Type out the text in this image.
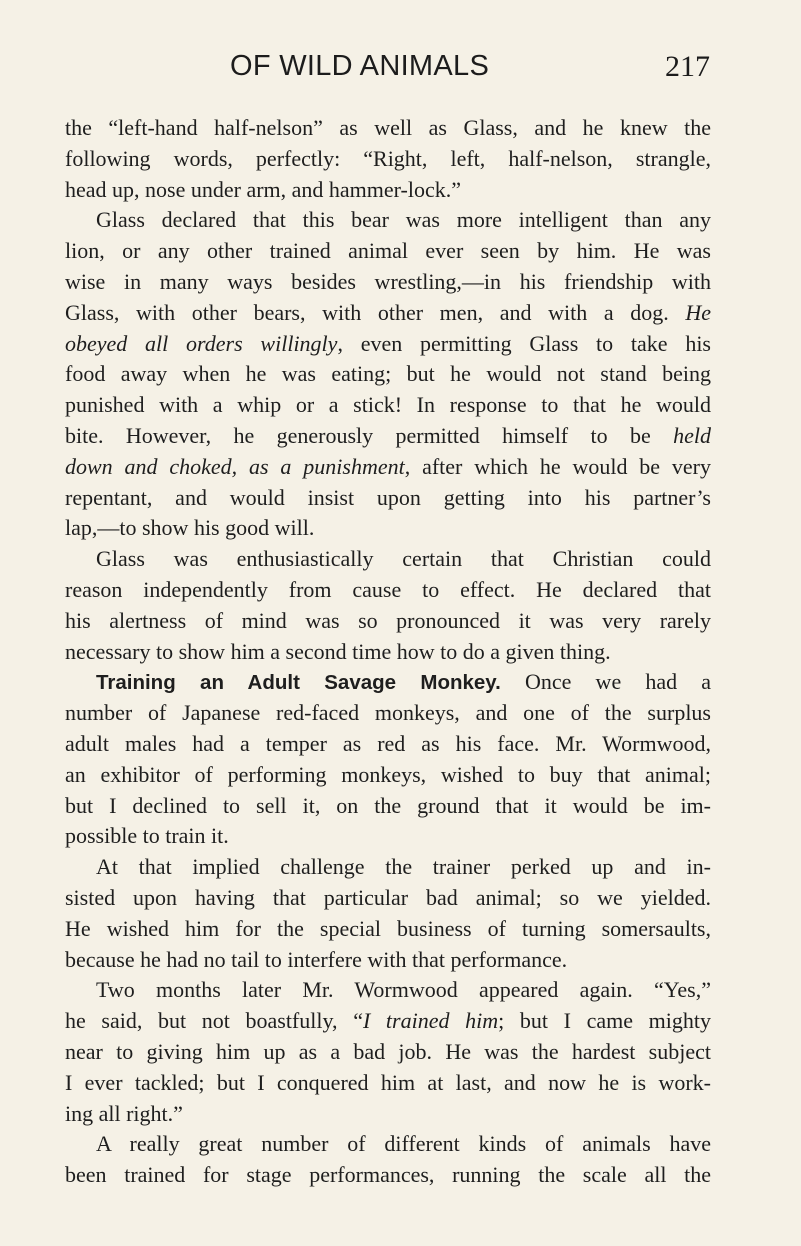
OF WILD ANIMALS	217
the “left-hand half-nelson” as well as Glass, and he knew the
following words, perfectly: “Right, left, half-nelson, strangle,
head up, nose under arm, and hammer-lock.”
Glass declared that this bear was more intelligent than any
lion, or any other trained animal ever seen by him. He was
wise in many ways besides wrestling,—in his friendship with
Glass, with other bears, with other men, and with a dog. He
obeyed all orders willingly, even permitting Glass to take his
food away when he was eating; but he would not stand being
punished with a whip or a stick! In response to that he would
bite. However, he generously permitted himself to be held
down and choked, as a punishment, after which he would be very
repentant, and would insist upon getting into his partner’s
lap,—to show his good will.
Glass was enthusiastically certain that Christian could
reason independently from cause to effect. He declared that
his alertness of mind was so pronounced it was very rarely
necessary to show him a second time how to do a given thing.
Training an Adult Savage Monkey. Once we had a
number of Japanese red-faced monkeys, and one of the surplus
adult males had a temper as red as his face. Mr. Wormwood,
an exhibitor of performing monkeys, wished to buy that animal;
but I declined to sell it, on the ground that it would be im-
possible to train it.
At that implied challenge the trainer perked up and in-
sisted upon having that particular bad animal; so we yielded.
He wished him for the special business of turning somersaults,
because he had no tail to interfere with that performance.
Two months later Mr. Wormwood appeared again. “Yes,”
he said, but not boastfully, “I trained him; but I came mighty
near to giving him up as a bad job. He was the hardest subject
I ever tackled; but I conquered him at last, and now he is work-
ing all right.”
A really great number of different kinds of animals have
been trained for stage performances, running the scale all the
